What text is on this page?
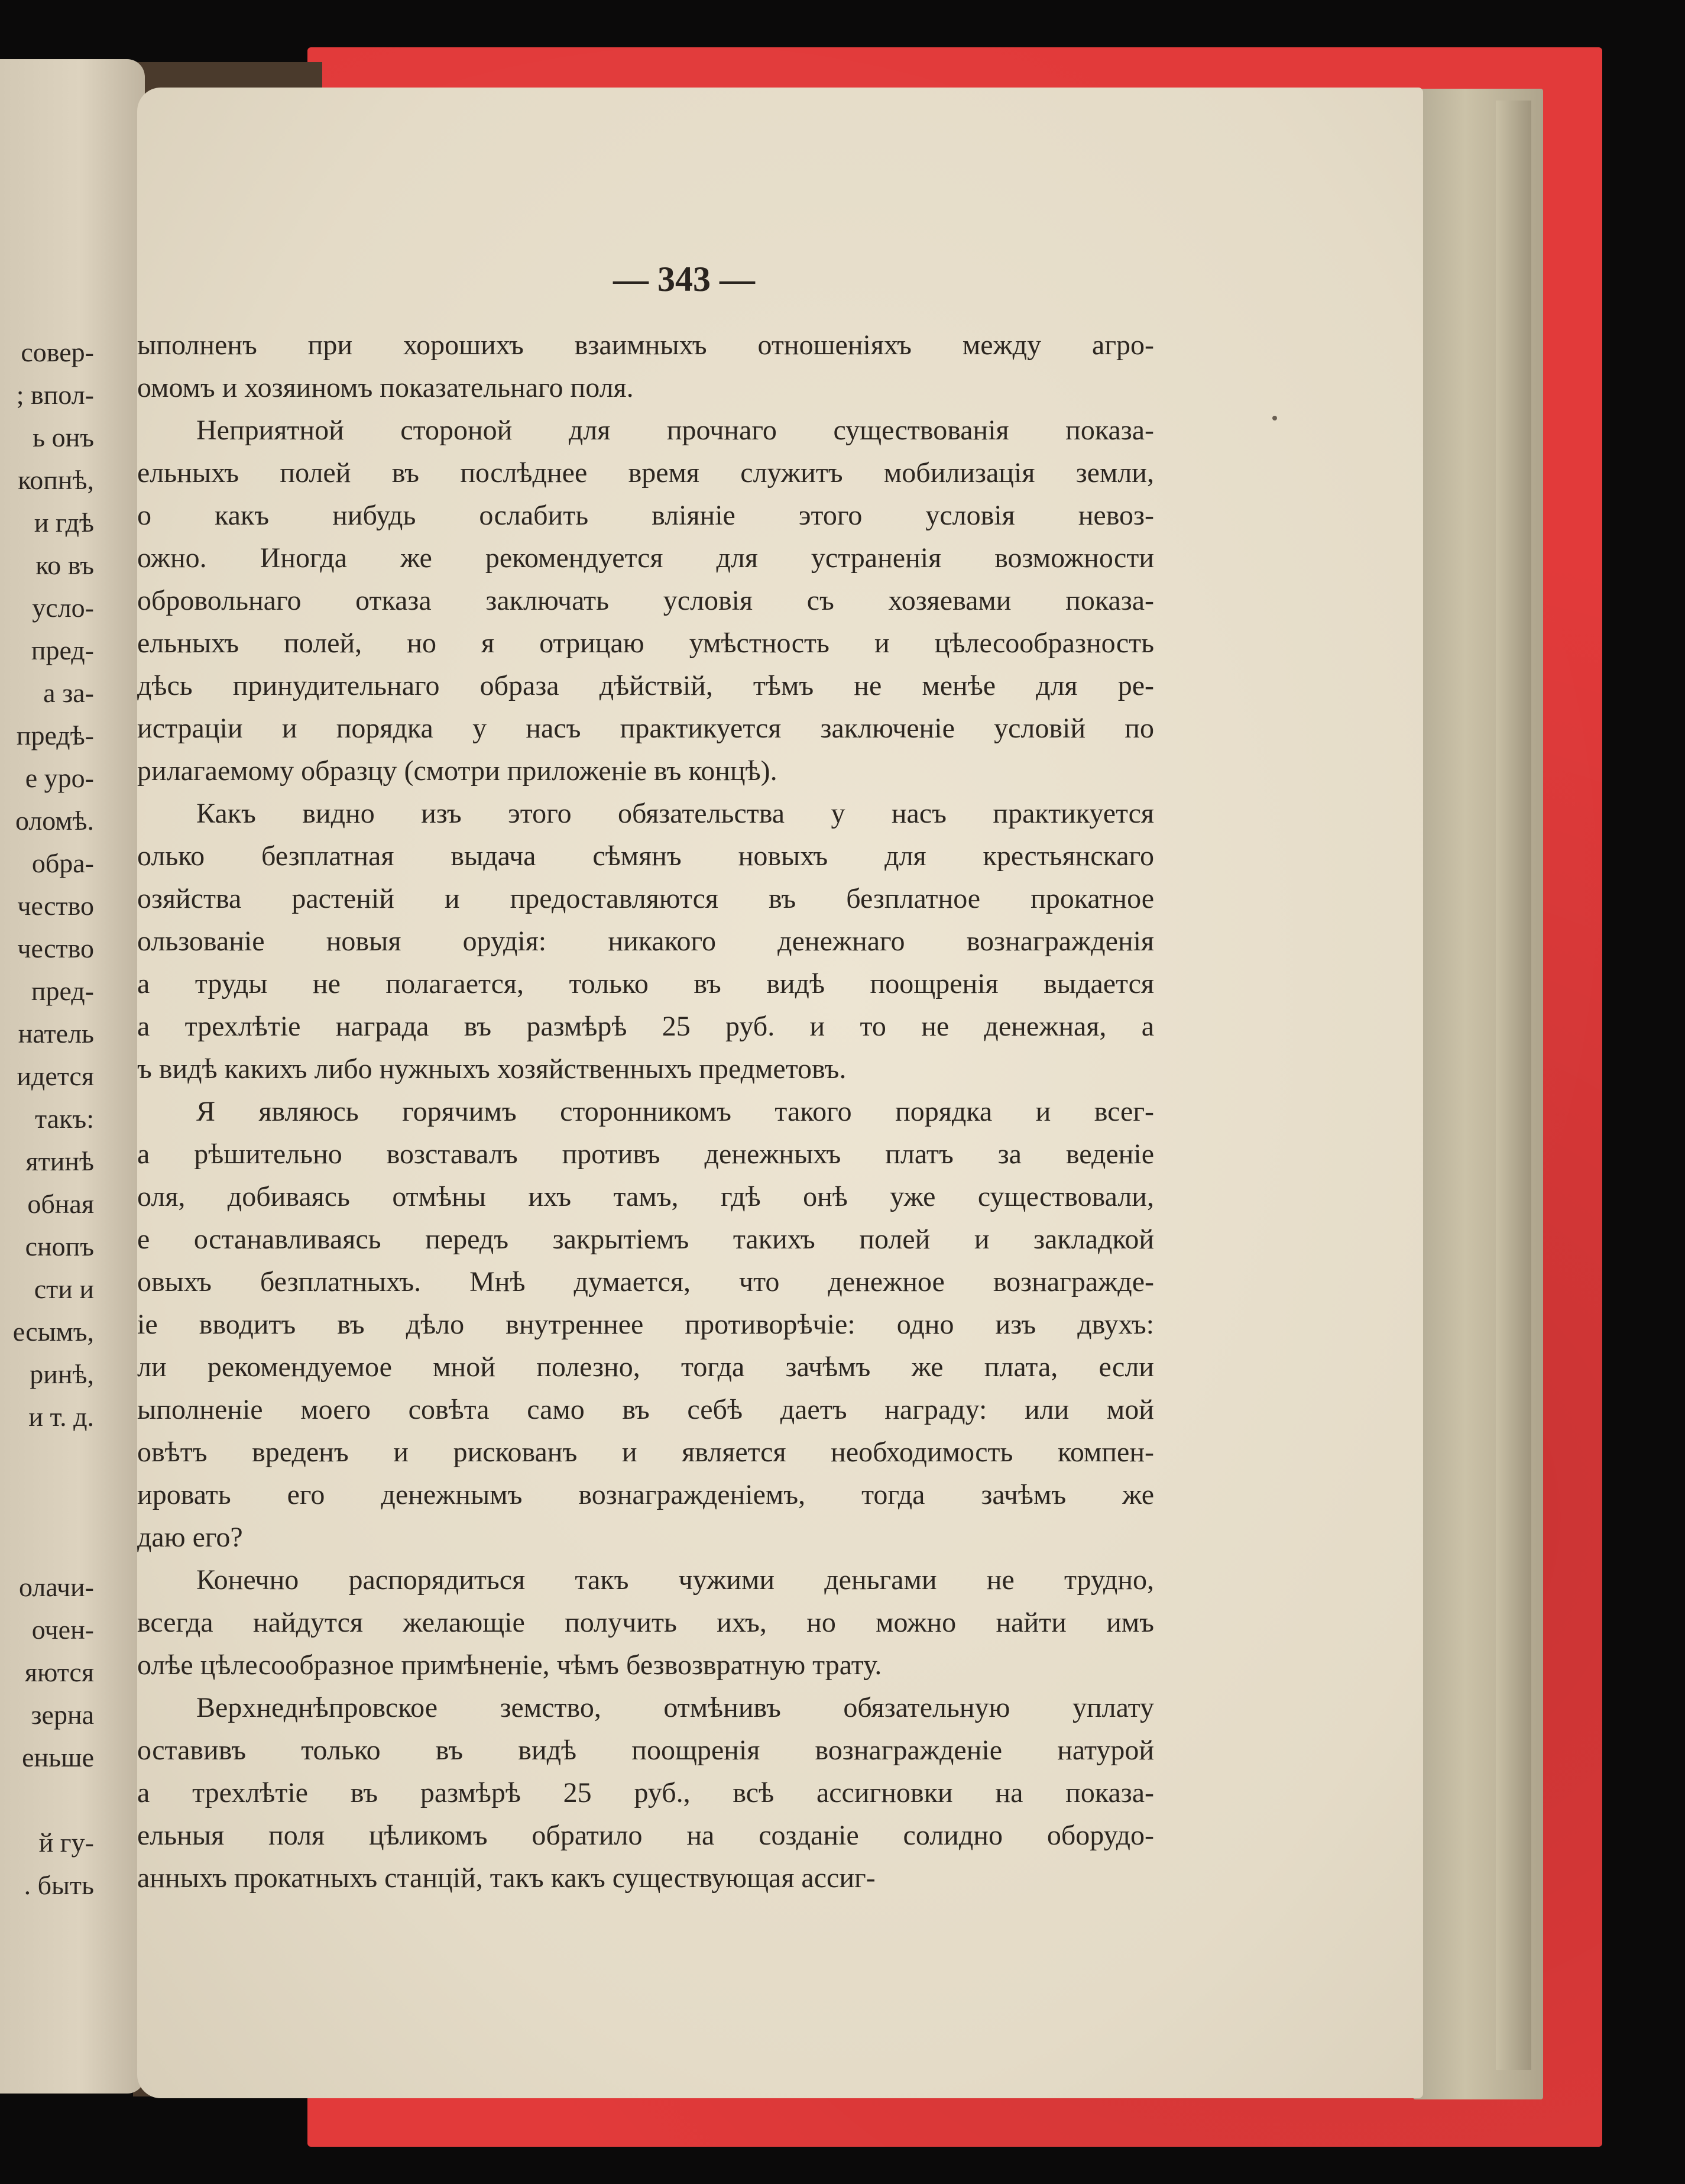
совер-
; впол-
ь онъ
копнѣ,
и гдѣ
ко въ
усло-
пред-
а за-
предѣ-
е уро-
оломѣ.
обра-
чество
чество
пред-
натель
идется
такъ:
ятинѣ
обная
снопъ
сти и
есымъ,
ринѣ,
и т. д.
олачи-
очен-
яются
зерна
еньше
й гу-
. быть
— 343 —
ыполненъ при хорошихъ взаимныхъ отношеніяхъ между агро-
омомъ и хозяиномъ показательнаго поля.
Неприятной стороной для прочнаго существованія показа-
ельныхъ полей въ послѣднее время служитъ мобилизація земли,
о какъ нибудь ослабить вліяніе этого условія невоз-
ожно. Иногда же рекомендуется для устраненія возможности
обровольнаго отказа заключать условія съ хозяевами показа-
ельныхъ полей, но я отрицаю умѣстность и цѣлесообразность
дѣсь принудительнаго образа дѣйствій, тѣмъ не менѣе для ре-
истраціи и порядка у насъ практикуется заключеніе условій по
рилагаемому образцу (смотри приложеніе въ концѣ).
Какъ видно изъ этого обязательства у насъ практикуется
олько безплатная выдача сѣмянъ новыхъ для крестьянскаго
озяйства растеній и предоставляются въ безплатное прокатное
ользованіе новыя орудія: никакого денежнаго вознагражденія
а труды не полагается, только въ видѣ поощренія выдается
а трехлѣтіе награда въ размѣрѣ 25 руб. и то не денежная, а
ъ видѣ какихъ либо нужныхъ хозяйственныхъ предметовъ.
Я являюсь горячимъ сторонникомъ такого порядка и всег-
а рѣшительно возставалъ противъ денежныхъ платъ за веденіе
оля, добиваясь отмѣны ихъ тамъ, гдѣ онѣ уже существовали,
е останавливаясь передъ закрытіемъ такихъ полей и закладкой
овыхъ безплатныхъ. Мнѣ думается, что денежное вознагражде-
іе вводитъ въ дѣло внутреннее противорѣчіе: одно изъ двухъ:
ли рекомендуемое мной полезно, тогда зачѣмъ же плата, если
ыполненіе моего совѣта само въ себѣ даетъ награду: или мой
овѣтъ вреденъ и рискованъ и является необходимость компен-
ировать его денежнымъ вознагражденіемъ, тогда зачѣмъ же
даю его?
Конечно распорядиться такъ чужими деньгами не трудно,
всегда найдутся желающіе получить ихъ, но можно найти имъ
олѣе цѣлесообразное примѣненіе, чѣмъ безвозвратную трату.
Верхнеднѣпровское земство, отмѣнивъ обязательную уплату
оставивъ только въ видѣ поощренія вознагражденіе натурой
а трехлѣтіе въ размѣрѣ 25 руб., всѣ ассигновки на показа-
ельныя поля цѣликомъ обратило на созданіе солидно оборудо-
анныхъ прокатныхъ станцій, такъ какъ существующая ассиг-
